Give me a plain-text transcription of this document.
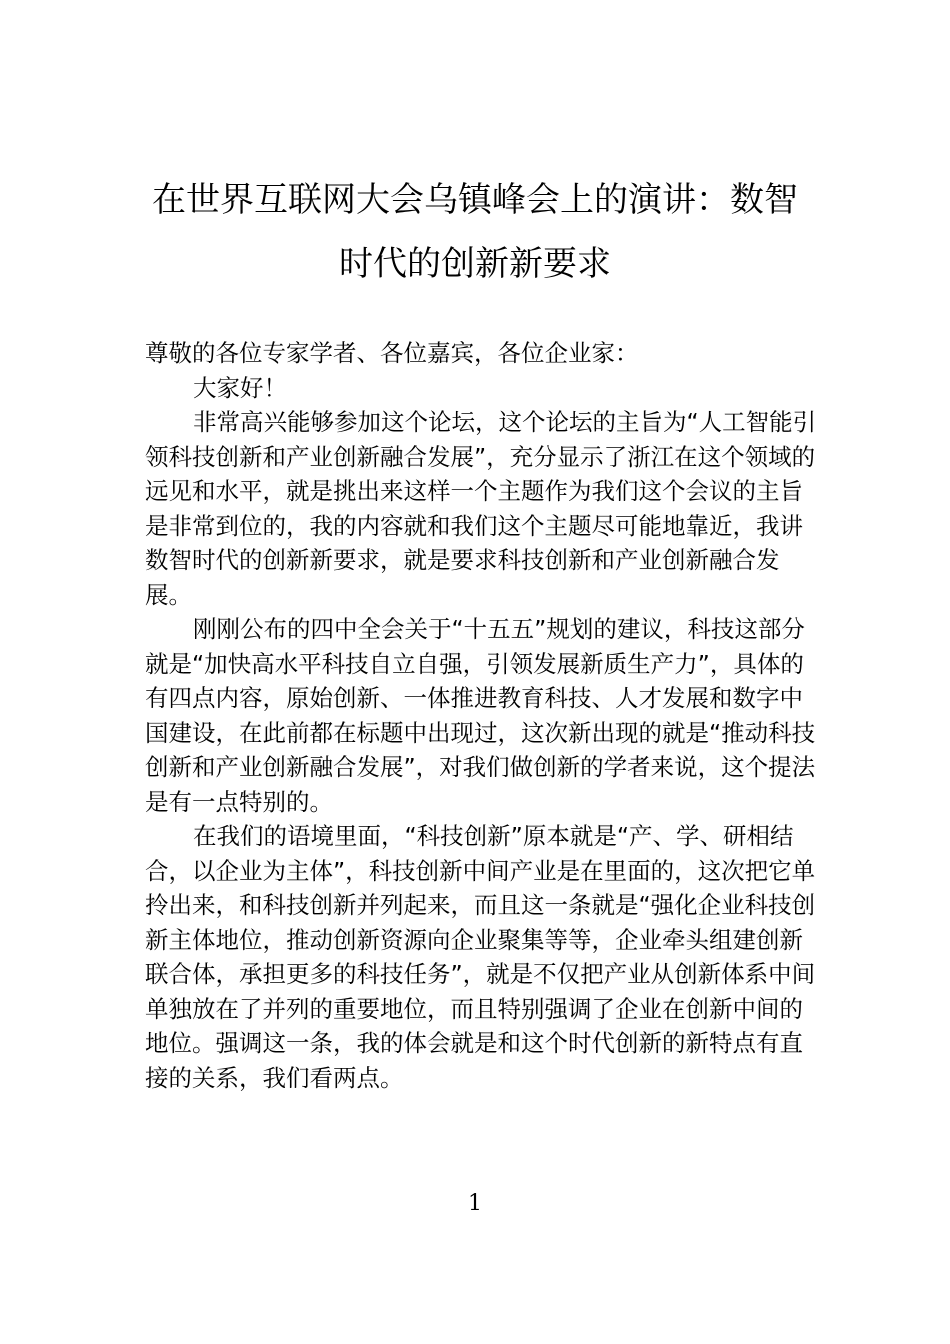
在世界互联网大会乌镇峰会上的演讲：数智时代的创新新要求

尊敬的各位专家学者、各位嘉宾，各位企业家：

大家好！

非常高兴能够参加这个论坛，这个论坛的主旨为“人工智能引领科技创新和产业创新融合发展”，充分显示了浙江在这个领域的远见和水平，就是挑出来这样一个主题作为我们这个会议的主旨是非常到位的，我的内容就和我们这个主题尽可能地靠近，我讲数智时代的创新新要求，就是要求科技创新和产业创新融合发展。

刚刚公布的四中全会关于“十五五”规划的建议，科技这部分就是“加快高水平科技自立自强，引领发展新质生产力”，具体的有四点内容，原始创新、一体推进教育科技、人才发展和数字中国建设，在此前都在标题中出现过，这次新出现的就是“推动科技创新和产业创新融合发展”，对我们做创新的学者来说，这个提法是有一点特别的。

在我们的语境里面，“科技创新”原本就是“产、学、研相结合，以企业为主体”，科技创新中间产业是在里面的，这次把它单拎出来，和科技创新并列起来，而且这一条就是“强化企业科技创新主体地位，推动创新资源向企业聚集等等，企业牵头组建创新联合体，承担更多的科技任务”，就是不仅把产业从创新体系中间单独放在了并列的重要地位，而且特别强调了企业在创新中间的地位。强调这一条，我的体会就是和这个时代创新的新特点有直接的关系，我们看两点。

1
